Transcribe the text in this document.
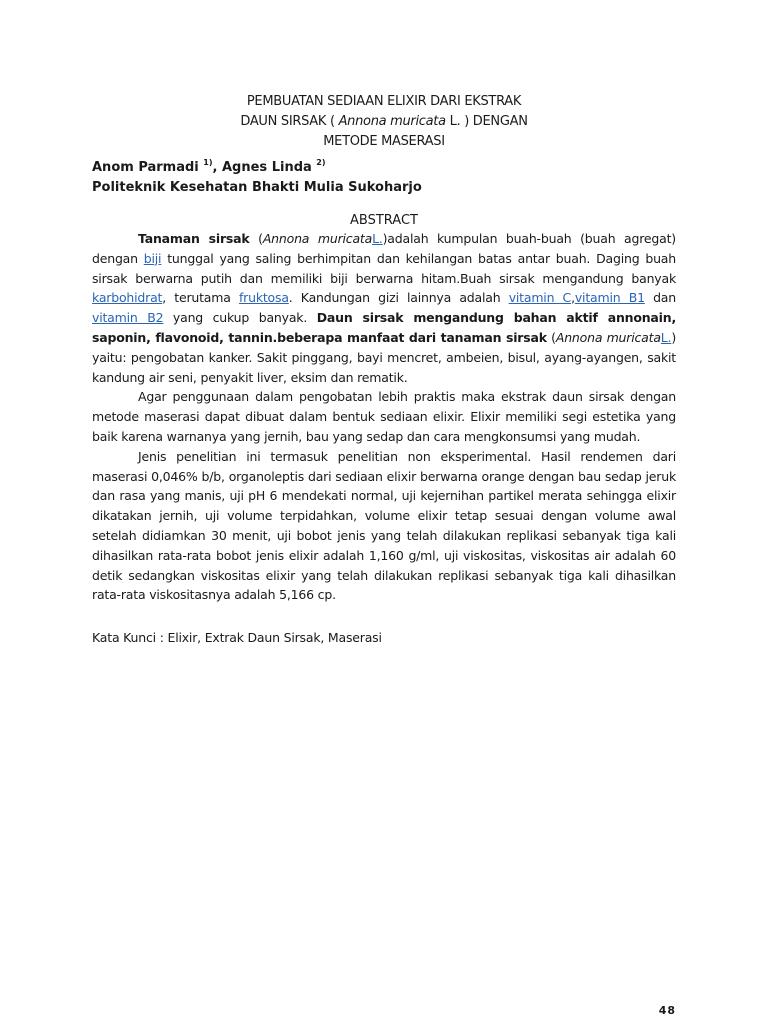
PEMBUATAN SEDIAAN ELIXIR DARI EKSTRAK
DAUN SIRSAK ( Annona muricata L. ) DENGAN
METODE MASERASI
Anom Parmadi $^{1)}$, Agnes Linda $^{2)}$
Politeknik Kesehatan Bhakti Mulia Sukoharjo
ABSTRACT

Tanaman sirsak (Annona muricataL.)adalah kumpulan buah-buah (buah agregat) dengan biji tunggal yang saling berhimpitan dan kehilangan batas antar buah. Daging buah sirsak berwarna putih dan memiliki biji berwarna hitam.Buah sirsak mengandung banyak karbohidrat, terutama fruktosa. Kandungan gizi lainnya adalah vitamin C,vitamin B1 dan vitamin B2 yang cukup banyak. Daun sirsak mengandung bahan aktif annonain, saponin, flavonoid, tannin.beberapa manfaat dari tanaman sirsak (Annona muricataL.) yaitu: pengobatan kanker. Sakit pinggang, bayi mencret, ambeien, bisul, ayang-ayangen, sakit kandung air seni, penyakit liver, eksim dan rematik.

Agar penggunaan dalam pengobatan lebih praktis maka ekstrak daun sirsak dengan metode maserasi dapat dibuat dalam bentuk sediaan elixir. Elixir memiliki segi estetika yang baik karena warnanya yang jernih, bau yang sedap dan cara mengkonsumsi yang mudah.

Jenis penelitian ini termasuk penelitian non eksperimental. Hasil rendemen dari maserasi 0,046% b/b, organoleptis dari sediaan elixir berwarna orange dengan bau sedap jeruk dan rasa yang manis, uji pH 6 mendekati normal, uji kejernihan partikel merata sehingga elixir dikatakan jernih, uji volume terpidahkan, volume elixir tetap sesuai dengan volume awal setelah didiamkan 30 menit, uji bobot jenis yang telah dilakukan replikasi sebanyak tiga kali dihasilkan rata-rata bobot jenis elixir adalah 1,160 g/ml, uji viskositas, viskositas air adalah 60 detik sedangkan viskositas elixir yang telah dilakukan replikasi sebanyak tiga kali dihasilkan rata-rata viskositasnya adalah 5,166 cp.

Kata Kunci : Elixir, Extrak Daun Sirsak, Maserasi
48
